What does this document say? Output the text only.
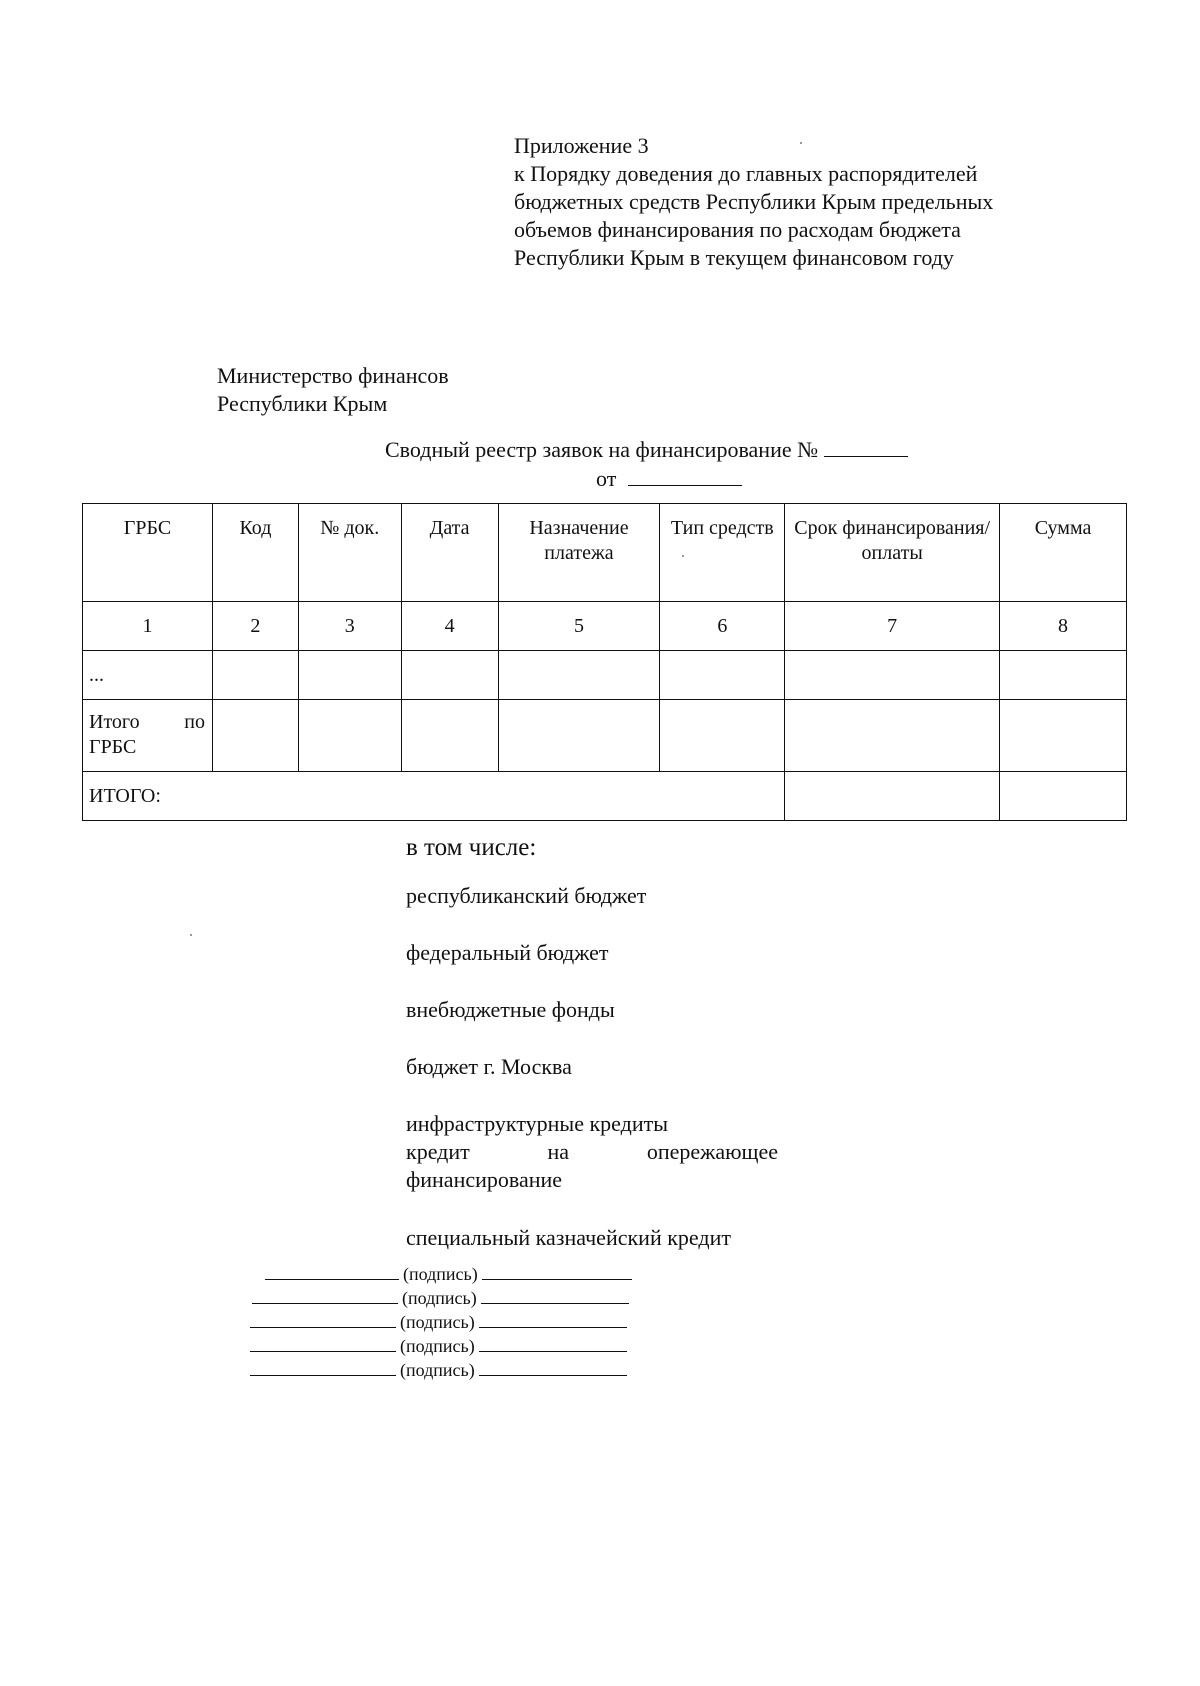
Приложение 3
к Порядку доведения до главных распорядителей
бюджетных средств Республики Крым предельных
объемов финансирования по расходам бюджета
Республики Крым в текущем финансовом году
Министерство финансов
Республики Крым
Сводный реестр заявок на финансирование №
от
ГРБС	Код	№ док.	Дата	Назначение платежа	Тип средств	Срок финансирования/ оплаты	Сумма
1	2	3	4	5	6	7	8
...							

Итого по ГРБС							

ИТОГО:							
в том числе:
республиканский бюджет
федеральный бюджет
внебюджетные фонды
бюджет г. Москва
инфраструктурные кредиты
кредит на опережающее финансирование
специальный казначейский кредит
(подпись)
(подпись)
(подпись)
(подпись)
(подпись)
